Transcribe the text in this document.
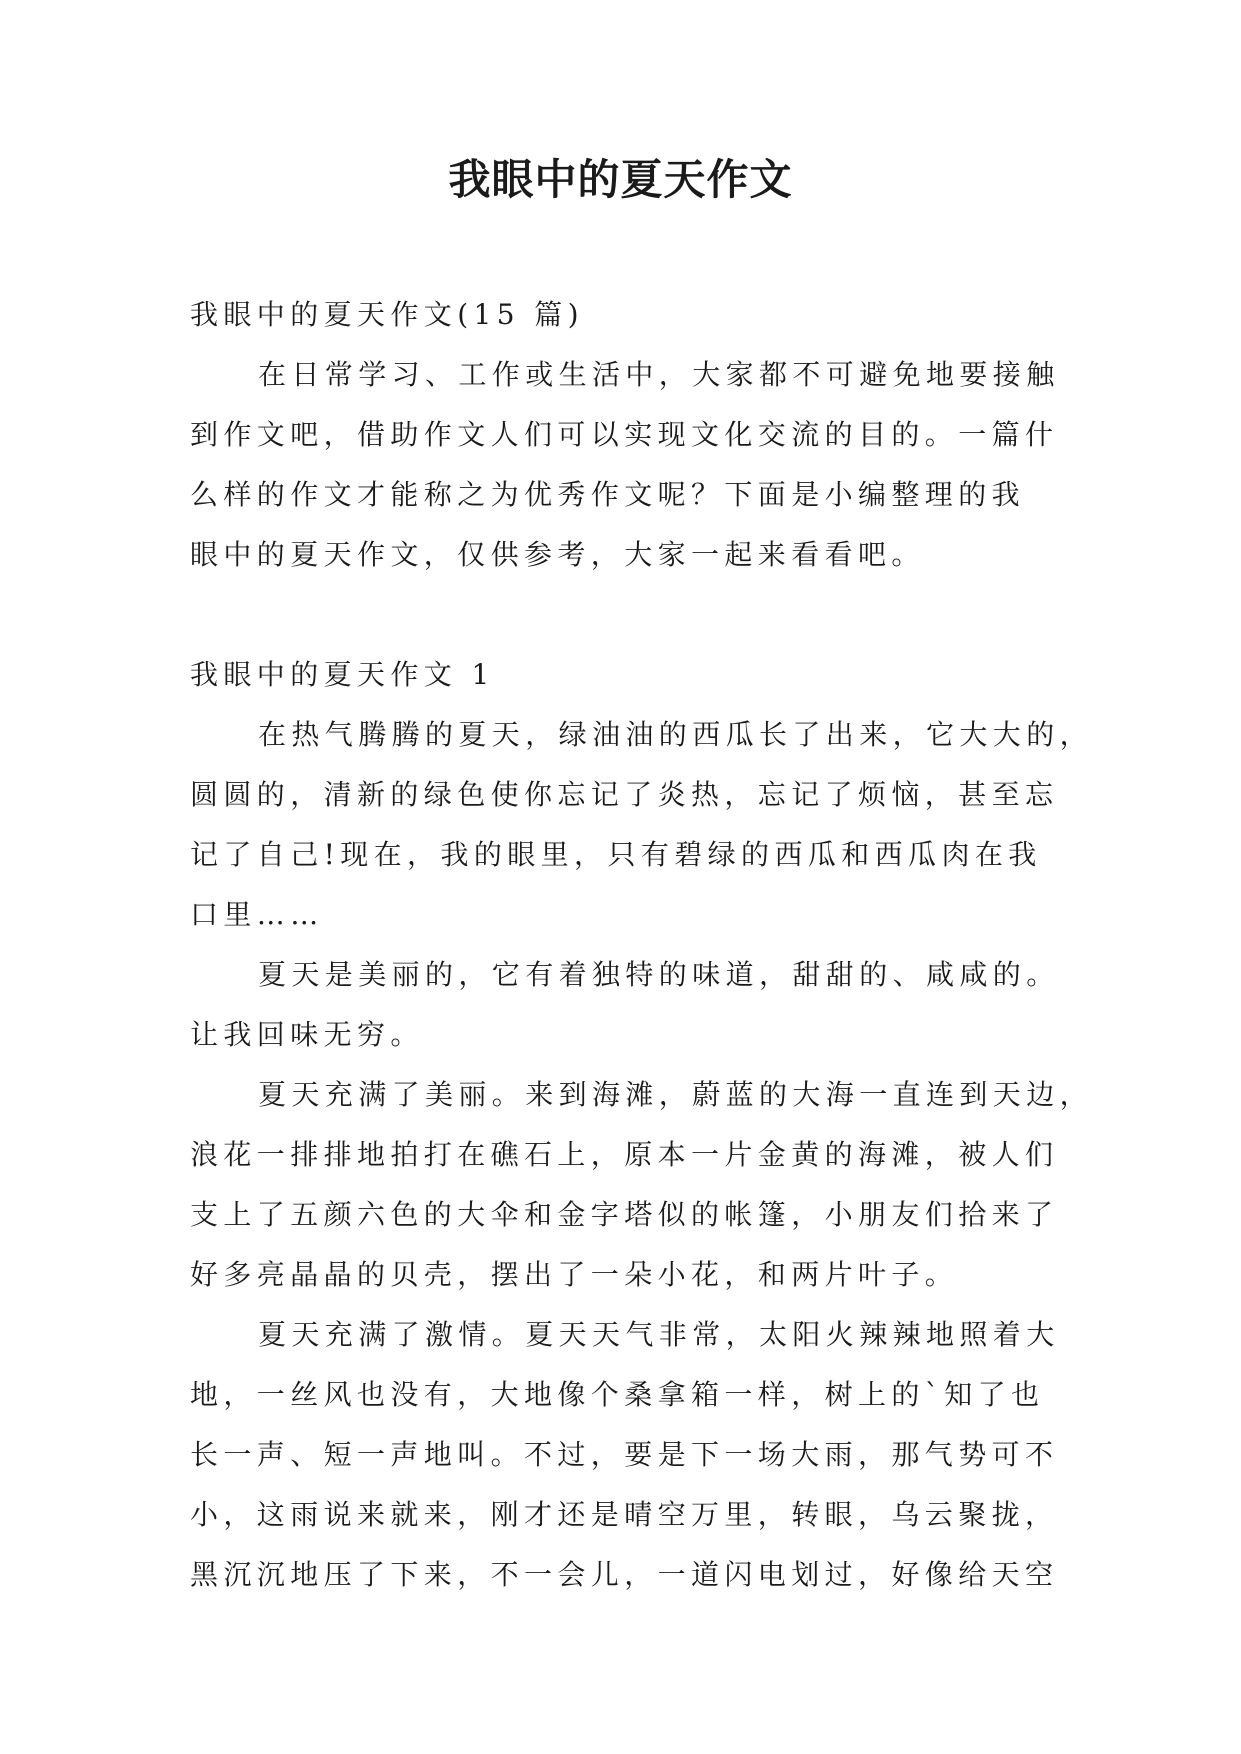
我眼中的夏天作文
我眼中的夏天作文(15 篇)
在日常学习、工作或生活中，大家都不可避免地要接触
到作文吧，借助作文人们可以实现文化交流的目的。一篇什
么样的作文才能称之为优秀作文呢？下面是小编整理的我
眼中的夏天作文，仅供参考，大家一起来看看吧。
我眼中的夏天作文 1
在热气腾腾的夏天，绿油油的西瓜长了出来，它大大的，
圆圆的，清新的绿色使你忘记了炎热，忘记了烦恼，甚至忘
记了自己!现在，我的眼里，只有碧绿的西瓜和西瓜肉在我
口里……
夏天是美丽的，它有着独特的味道，甜甜的、咸咸的。
让我回味无穷。
夏天充满了美丽。来到海滩，蔚蓝的大海一直连到天边，
浪花一排排地拍打在礁石上，原本一片金黄的海滩，被人们
支上了五颜六色的大伞和金字塔似的帐篷，小朋友们拾来了
好多亮晶晶的贝壳，摆出了一朵小花，和两片叶子。
夏天充满了激情。夏天天气非常，太阳火辣辣地照着大
地，一丝风也没有，大地像个桑拿箱一样，树上的`知了也
长一声、短一声地叫。不过，要是下一场大雨，那气势可不
小，这雨说来就来，刚才还是晴空万里，转眼，乌云聚拢，
黑沉沉地压了下来，不一会儿，一道闪电划过，好像给天空
